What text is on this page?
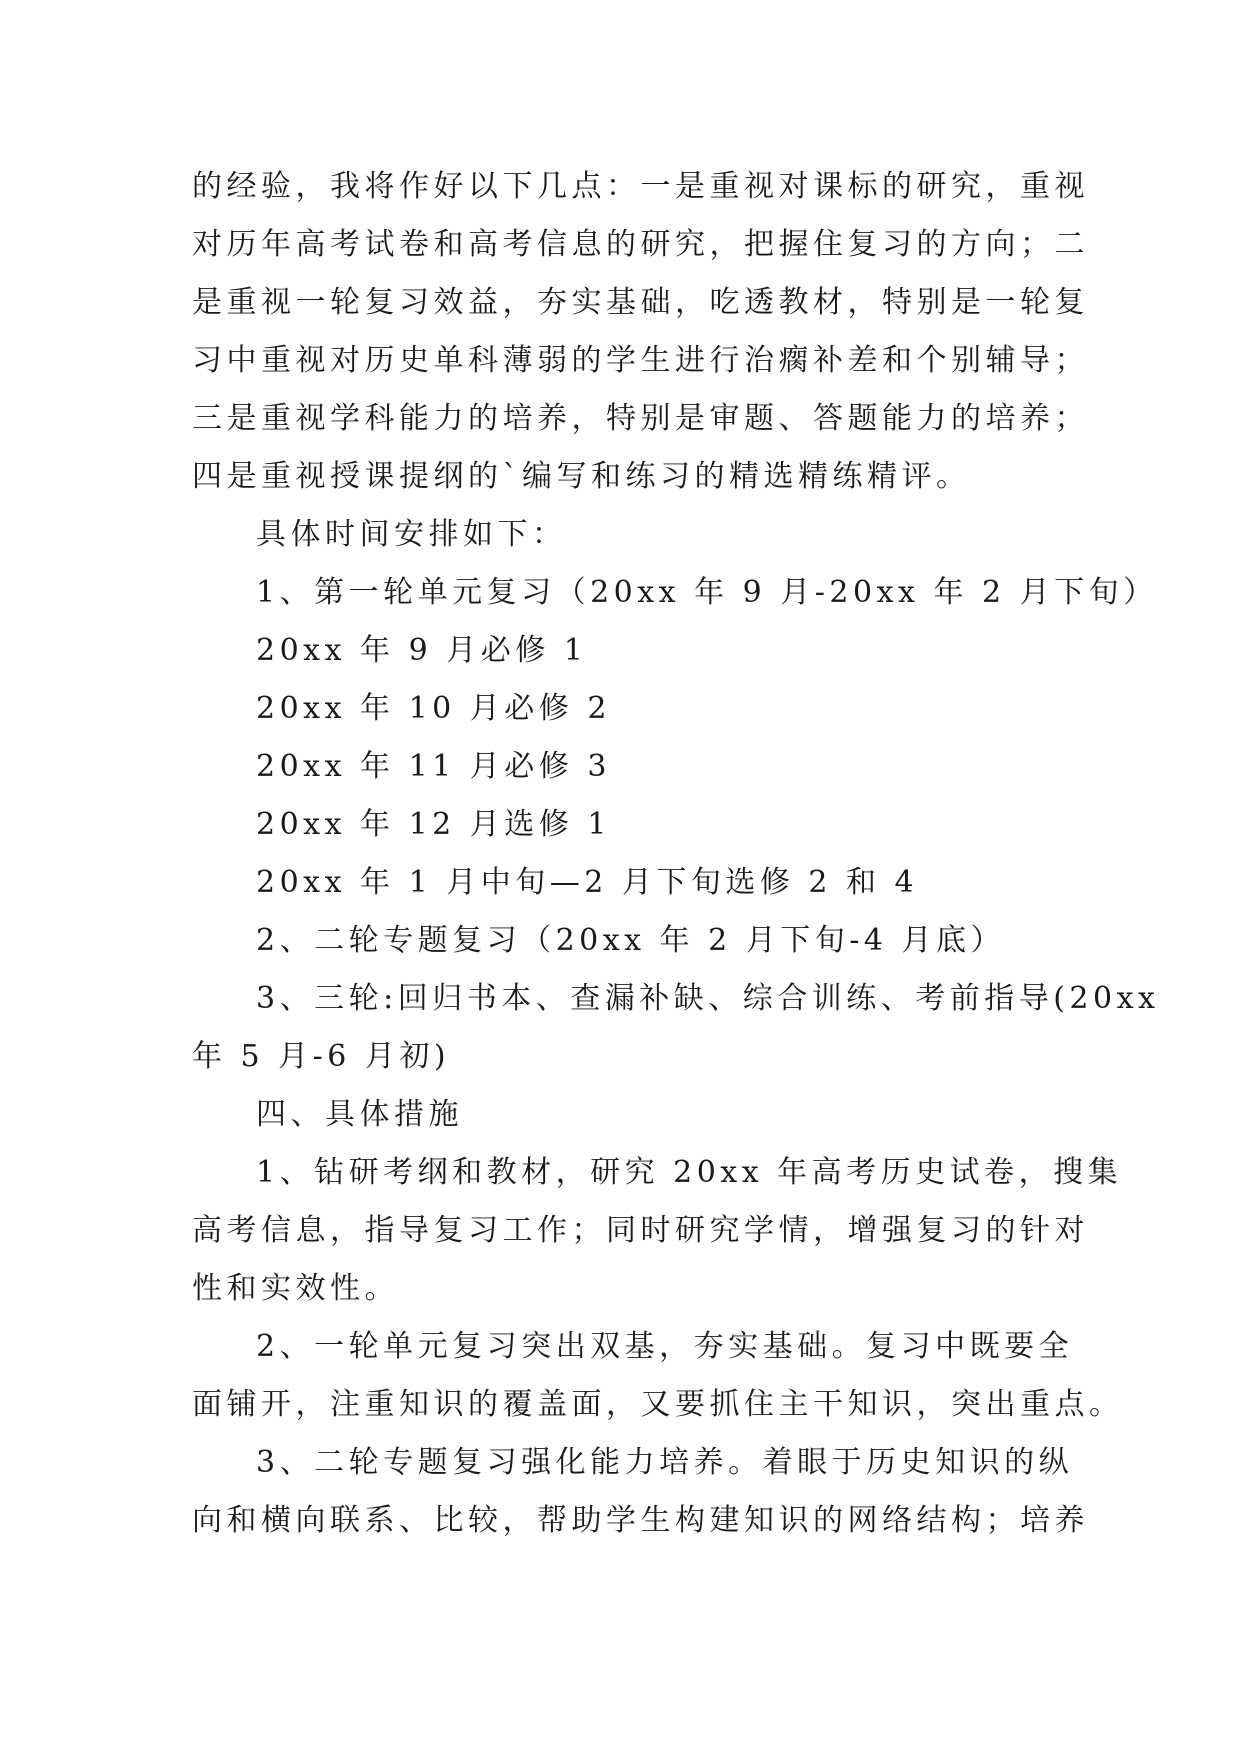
的经验，我将作好以下几点：一是重视对课标的研究，重视
对历年高考试卷和高考信息的研究，把握住复习的方向；二
是重视一轮复习效益，夯实基础，吃透教材，特别是一轮复
习中重视对历史单科薄弱的学生进行治瘸补差和个别辅导；
三是重视学科能力的培养，特别是审题、答题能力的培养；
四是重视授课提纲的`编写和练习的精选精练精评。

具体时间安排如下：

1、第一轮单元复习（20xx 年 9 月-20xx 年 2 月下旬）

20xx 年 9 月必修 1

20xx 年 10 月必修 2

20xx 年 11 月必修 3

20xx 年 12 月选修 1

20xx 年 1 月中旬—2 月下旬选修 2 和 4

2、二轮专题复习（20xx 年 2 月下旬-4 月底）

3、三轮:回归书本、查漏补缺、综合训练、考前指导(20xx
年 5 月-6 月初)

四、具体措施

1、钻研考纲和教材，研究 20xx 年高考历史试卷，搜集
高考信息，指导复习工作；同时研究学情，增强复习的针对
性和实效性。

2、一轮单元复习突出双基，夯实基础。复习中既要全
面铺开，注重知识的覆盖面，又要抓住主干知识，突出重点。

3、二轮专题复习强化能力培养。着眼于历史知识的纵
向和横向联系、比较，帮助学生构建知识的网络结构；培养
